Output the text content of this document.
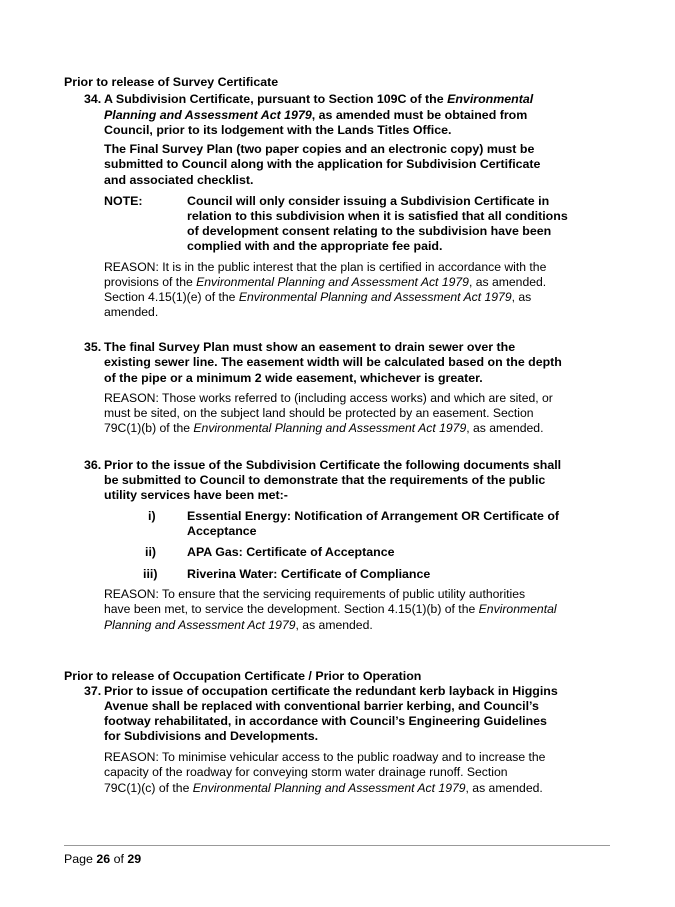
Prior to release of Survey Certificate
34. A Subdivision Certificate, pursuant to Section 109C of the Environmental
Planning and Assessment Act 1979, as amended must be obtained from
Council, prior to its lodgement with the Lands Titles Office.
The Final Survey Plan (two paper copies and an electronic copy) must be
submitted to Council along with the application for Subdivision Certificate
and associated checklist.
NOTE:	Council will only consider issuing a Subdivision Certificate in
relation to this subdivision when it is satisfied that all conditions
of development consent relating to the subdivision have been
complied with and the appropriate fee paid.
REASON: It is in the public interest that the plan is certified in accordance with the
provisions of the Environmental Planning and Assessment Act 1979, as amended.
Section 4.15(1)(e) of the Environmental Planning and Assessment Act 1979, as
amended.
35. The final Survey Plan must show an easement to drain sewer over the
existing sewer line. The easement width will be calculated based on the depth
of the pipe or a minimum 2 wide easement, whichever is greater.
REASON: Those works referred to (including access works) and which are sited, or
must be sited, on the subject land should be protected by an easement. Section
79C(1)(b) of the Environmental Planning and Assessment Act 1979, as amended.
36. Prior to the issue of the Subdivision Certificate the following documents shall
be submitted to Council to demonstrate that the requirements of the public
utility services have been met:-
i)	Essential Energy: Notification of Arrangement OR Certificate of
Acceptance
ii) APA Gas: Certificate of Acceptance
iii) Riverina Water: Certificate of Compliance
REASON: To ensure that the servicing requirements of public utility authorities
have been met, to service the development. Section 4.15(1)(b) of the Environmental
Planning and Assessment Act 1979, as amended.
Prior to release of Occupation Certificate / Prior to Operation
37. Prior to issue of occupation certificate the redundant kerb layback in Higgins
Avenue shall be replaced with conventional barrier kerbing, and Council’s
footway rehabilitated, in accordance with Council’s Engineering Guidelines
for Subdivisions and Developments.
REASON: To minimise vehicular access to the public roadway and to increase the
capacity of the roadway for conveying storm water drainage runoff. Section
79C(1)(c) of the Environmental Planning and Assessment Act 1979, as amended.
Page 26 of 29
